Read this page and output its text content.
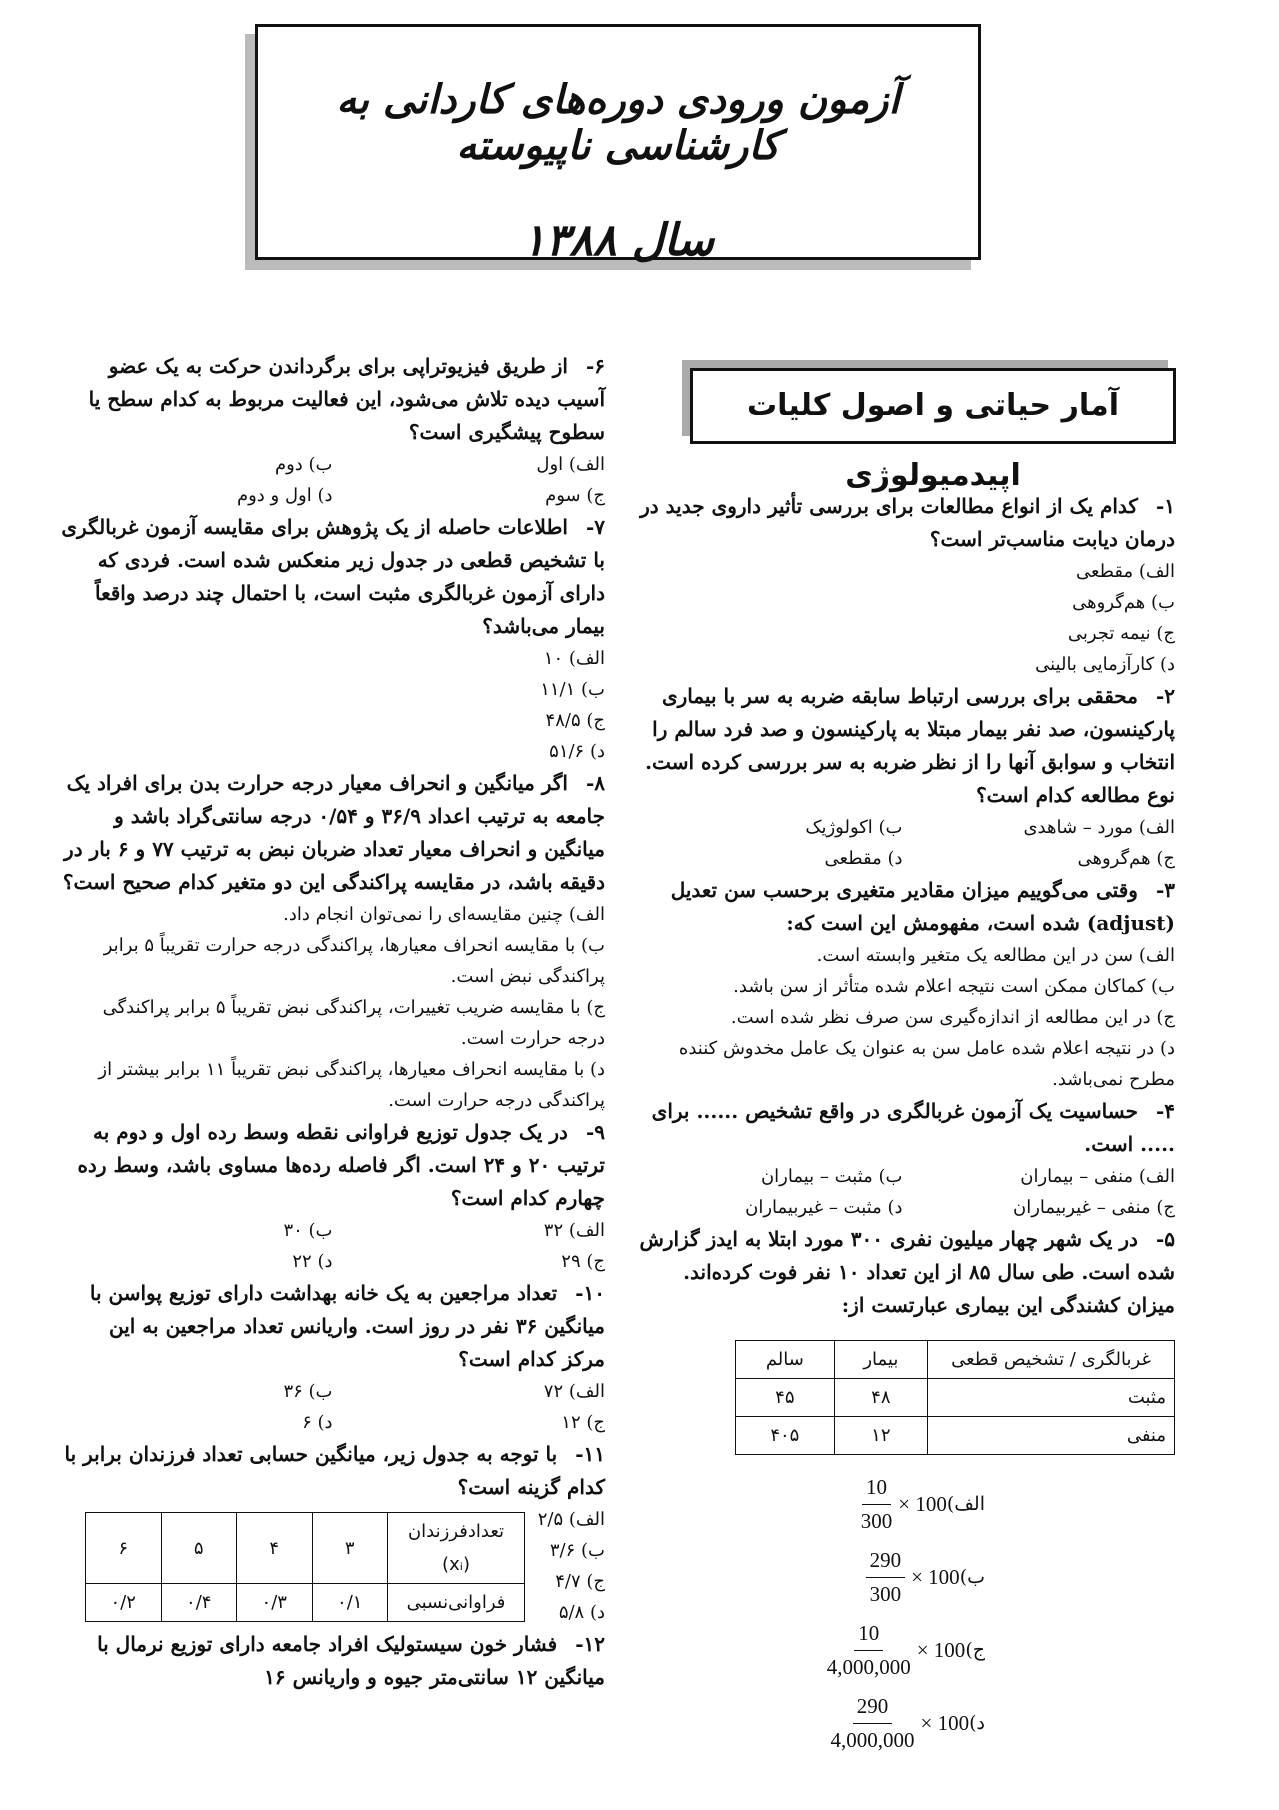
آزمون ورودی دوره‌های کاردانی به کارشناسی ناپیوسته
سال ۱۳۸۸
آمار حیاتی و اصول کلیات اپیدمیولوژی

۱-کدام یک از انواع مطالعات برای بررسی تأثیر داروی جدید در درمان دیابت مناسب‌تر است؟

الف) مقطعی

ب) هم‌گروهی

ج) نیمه تجربی

د) کارآزمایی بالینی

۲-محققی برای بررسی ارتباط سابقه ضربه به سر با بیماری پارکینسون، صد نفر بیمار مبتلا به پارکینسون و صد فرد سالم را انتخاب و سوابق آنها را از نظر ضربه به سر بررسی کرده است. نوع مطالعه کدام است؟

الف) مورد – شاهدی
ب) اکولوژیک
ج) هم‌گروهی
د) مقطعی

۳-وقتی می‌گوییم میزان مقادیر متغیری برحسب سن تعدیل (adjust) شده است، مفهومش این است که:

الف) سن در این مطالعه یک متغیر وابسته است.

ب) کماکان ممکن است نتیجه اعلام شده متأثر از سن باشد.

ج) در این مطالعه از اندازه‌گیری سن صرف نظر شده است.

د) در نتیجه اعلام شده عامل سن به عنوان یک عامل مخدوش کننده مطرح نمی‌باشد.

۴-حساسیت یک آزمون غربالگری در واقع تشخیص ...... برای ..... است.

الف) منفی – بیماران
ب) مثبت – بیماران
ج) منفی – غیربیماران
د) مثبت – غیربیماران

۵-در یک شهر چهار میلیون نفری ۳۰۰ مورد ابتلا به ایدز گزارش شده است. طی سال ۸۵ از این تعداد ۱۰ نفر فوت کرده‌اند. میزان کشندگی این بیماری عبارتست از:

غربالگری / تشخیص قطعی	بیمار	سالم
مثبت	۴۸	۴۵
منفی	۱۲	۴۰۵
الف)
× 100
$\frac{10}{300}$
ب)
× 100
$\frac{290}{300}$
ج)
× 100
$\frac{10}{4,000,000}$
د)
× 100
$\frac{290}{4,000,000}$

۶-از طریق فیزیوتراپی برای برگرداندن حرکت به یک عضو آسیب دیده تلاش می‌شود، این فعالیت مربوط به کدام سطح یا سطوح پیشگیری است؟

الف) اول
ب) دوم
ج) سوم
د) اول و دوم

۷-اطلاعات حاصله از یک پژوهش برای مقایسه آزمون غربالگری با تشخیص قطعی در جدول زیر منعکس شده است. فردی که دارای آزمون غربالگری مثبت است، با احتمال چند درصد واقعاً بیمار می‌باشد؟

الف) ۱۰

ب) ۱۱/۱

ج) ۴۸/۵

د) ۵۱/۶

۸-اگر میانگین و انحراف معیار درجه حرارت بدن برای افراد یک جامعه به ترتیب اعداد ۳۶/۹ و ۰/۵۴ درجه سانتی‌گراد باشد و میانگین و انحراف معیار تعداد ضربان نبض به ترتیب ۷۷ و ۶ بار در دقیقه باشد، در مقایسه پراکندگی این دو متغیر کدام صحیح است؟

الف) چنین مقایسه‌ای را نمی‌توان انجام داد.

ب) با مقایسه انحراف معیارها، پراکندگی درجه حرارت تقریباً ۵ برابر پراکندگی نبض است.

ج) با مقایسه ضریب تغییرات، پراکندگی نبض تقریباً ۵ برابر پراکندگی درجه حرارت است.

د) با مقایسه انحراف معیارها، پراکندگی نبض تقریباً ۱۱ برابر بیشتر از پراکندگی درجه حرارت است.

۹-در یک جدول توزیع فراوانی نقطه وسط رده اول و دوم به ترتیب ۲۰ و ۲۴ است. اگر فاصله رده‌ها مساوی باشد، وسط رده چهارم کدام است؟

الف) ۳۲
ب) ۳۰
ج) ۲۹
د) ۲۲

۱۰-تعداد مراجعین به یک خانه بهداشت دارای توزیع پواسن با میانگین ۳۶ نفر در روز است. واریانس تعداد مراجعین به این مرکز کدام است؟

الف) ۷۲
ب) ۳۶
ج) ۱۲
د) ۶

۱۱-با توجه به جدول زیر، میانگین حسابی تعداد فرزندان برابر با کدام گزینه است؟

الف) ۲/۵

ب) ۳/۶

ج) ۴/۷

د) ۵/۸

تعدادفرزندان (xᵢ)	۳	۴	۵	۶
فراوانی‌نسبی	۰/۱	۰/۳	۰/۴	۰/۲

۱۲-فشار خون سیستولیک افراد جامعه دارای توزیع نرمال با میانگین ۱۲ سانتی‌متر جیوه و واریانس ۱۶
